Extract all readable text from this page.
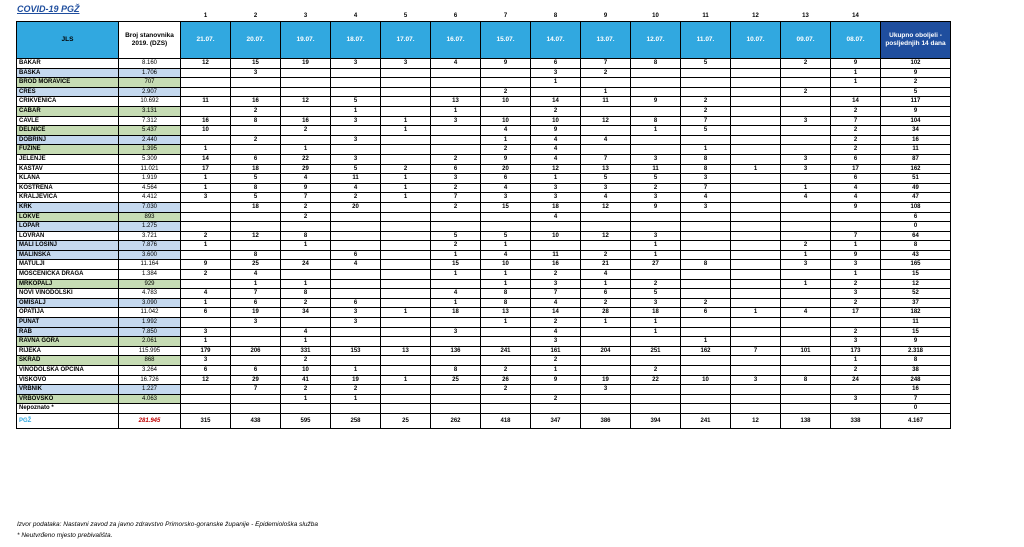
COVID-19 PGŽ
		1	2	3	4	5	6	7	8	9	10	11	12	13	14	
JLS	Broj stanovnika 2019. (DZS)	21.07.	20.07.	19.07.	18.07.	17.07.	16.07.	15.07.	14.07.	13.07.	12.07.	11.07.	10.07.	09.07.	08.07.	Ukupno oboljeli - posljednjih 14 dana
BAKAR	8.160	12	15	19	3	3	4	9	6	7	8	5		2	9	102
BAŠKA	1.706		3						3	2					1	9
BROD MORAVICE	707								1						1	2
CRES	2.907							2		1				2		5
CRIKVENICA	10.692	11	16	12	5		13	10	14	11	9	2			14	117
ČABAR	3.131		2		1		1		2			2			2	9
ČAVLE	7.312	16	8	16	3	1	3	10	10	12	8	7		3	7	104
DELNICE	5.437	10		2		1		4	9		1	5			2	34
DOBRINJ	2.440		2		3			1	4	4					2	16
FUŽINE	1.395	1		1				2	4			1			2	11
JELENJE	5.309	14	6	22	3		2	9	4	7	3	8		3	6	87
KASTAV	11.021	17	18	29	5	2	6	20	12	13	11	8	1	3	17	162
KLANA	1.919	1	5	4	11	1	3	6	1	5	5	3			6	51
KOSTRENA	4.564	1	8	9	4	1	2	4	3	3	2	7		1	4	49
KRALJEVICA	4.412	3	5	7	2	1	7	3	3	4	3	4		4	4	47
KRK	7.030		18	2	20		2	15	18	12	9	3			9	108
LOKVE	893			2					4							6
LOPAR	1.275															0
LOVRAN	3.721	2	12	8			5	5	10	12	3				7	64
MALI LOŠINJ	7.876	1		1			2	1			1			2	1	8
MALINSKA	3.600		8		6		1	4	11	2	1			1	9	43
MATULJI	11.164	9	25	24	4		15	10	16	21	27	8		3	3	165
MOŠĆENIČKA DRAGA	1.384	2	4				1	1	2	4					1	15
MRKOPALJ	929		1	1				1	3	1	2			1	2	12
NOVI VINODOLSKI	4.783	4	7	8			4	8	7	6	5				3	52
OMIŠALJ	3.090	1	6	2	6		1	8	4	2	3	2			2	37
OPATIJA	11.042	6	19	34	3	1	18	13	14	28	18	6	1	4	17	182
PUNAT	1.992		3		3			1	2	1	1					11
RAB	7.850	3		4			3		4		1				2	15
RAVNA GORA	2.061	1		1					3			1			3	9
RIJEKA	115.995	179	206	331	153	13	136	241	161	204	251	162	7	101	173	2.318
SKRAD	868	3		2					2						1	8
VINODOLSKA OPĆINA	3.264	6	6	10	1		8	2	1		2				2	38
VIŠKOVO	16.726	12	29	41	19	1	25	26	9	19	22	10	3	8	24	248
VRBNIK	1.227		7	2	2			2		3						16
VRBOVSKO	4.063			1	1				2						3	7
Nepoznato *																0
PGŽ	281.945	315	438	595	258	25	262	418	347	386	394	241	12	138	338	4.167
Izvor podataka: Nastavni zavod za javno zdravstvo Primorsko-goranske županije - Epidemiološka služba
* Neutvrđeno mjesto prebivališta.
